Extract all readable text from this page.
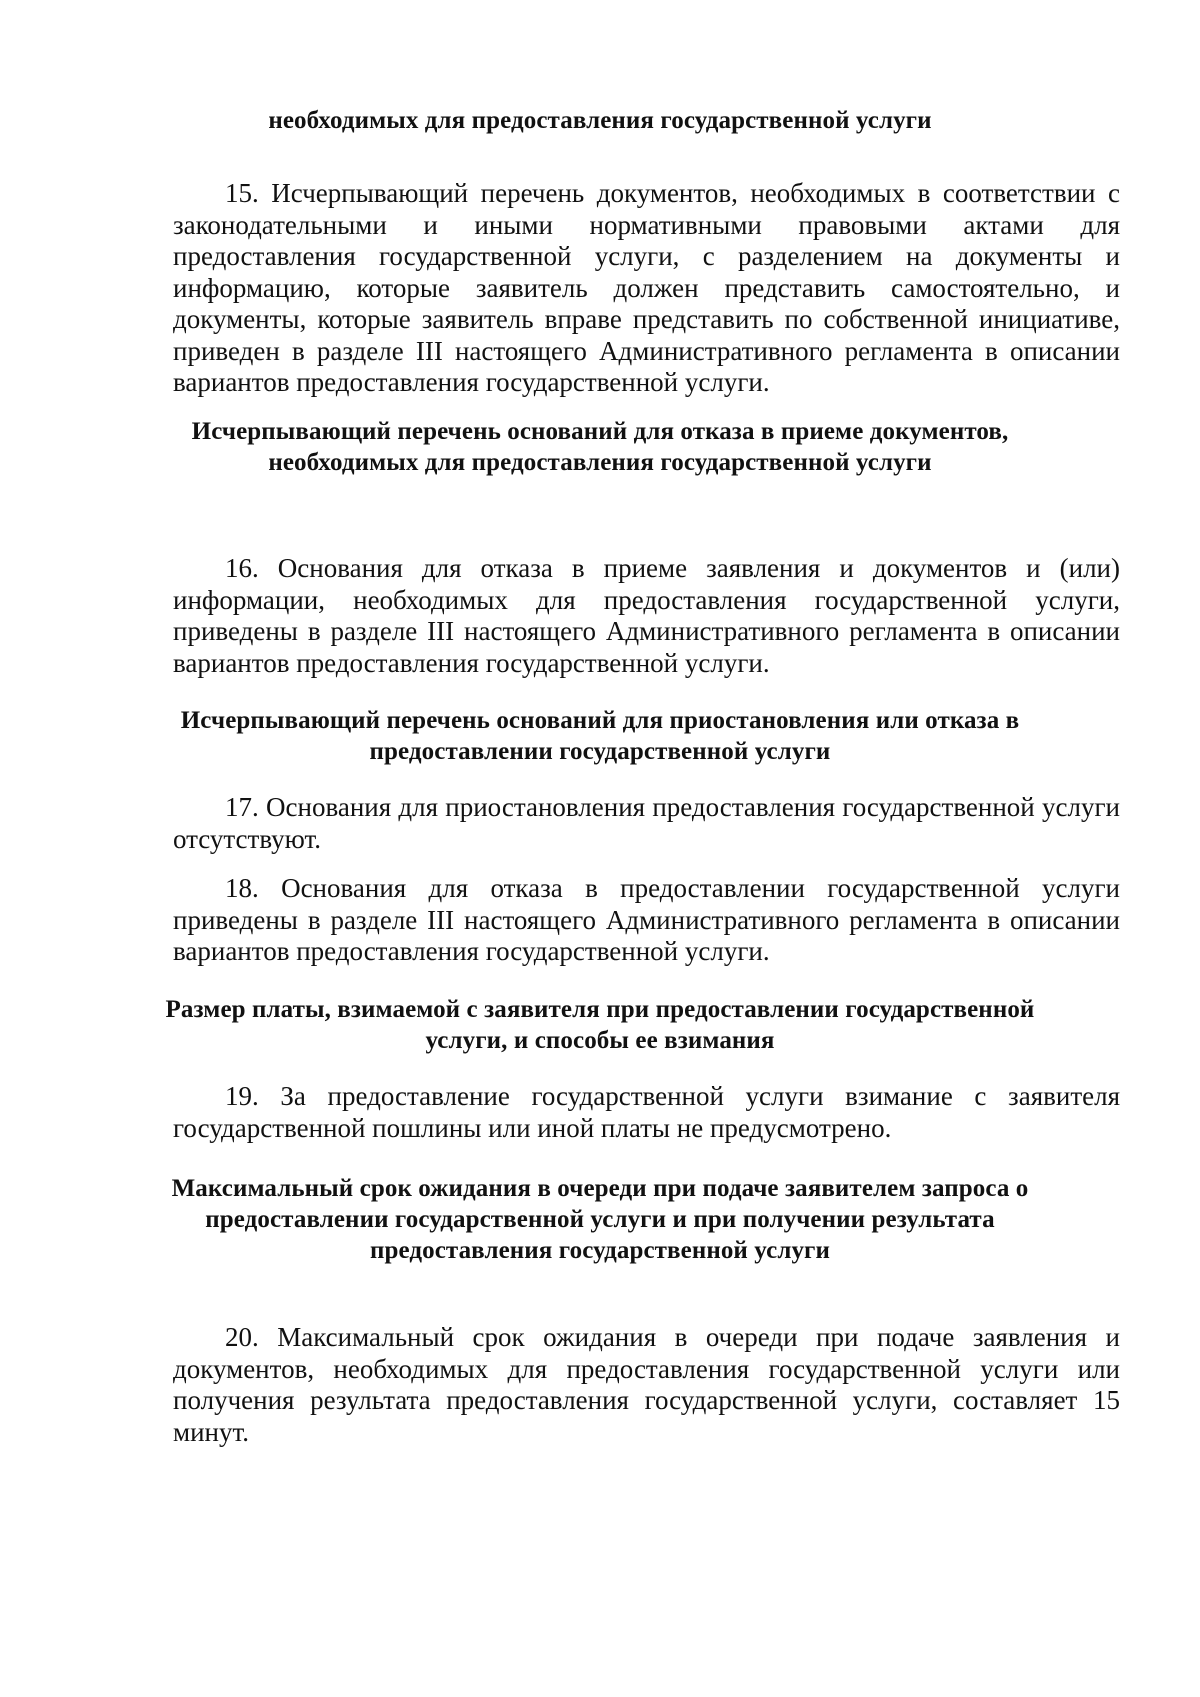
необходимых для предоставления государственной услуги

15. Исчерпывающий перечень документов, необходимых в соответствии с законодательными и иными нормативными правовыми актами для предоставления государственной услуги, с разделением на документы и информацию, которые заявитель должен представить самостоятельно, и документы, которые заявитель вправе представить по собственной инициативе, приведен в разделе III настоящего Административного регламента в описании вариантов предоставления государственной услуги.

Исчерпывающий перечень оснований для отказа в приеме документов, необходимых для предоставления государственной услуги

16. Основания для отказа в приеме заявления и документов и (или) информации, необходимых для предоставления государственной услуги, приведены в разделе III настоящего Административного регламента в описании вариантов предоставления государственной услуги.

Исчерпывающий перечень оснований для приостановления или отказа в предоставлении государственной услуги

17. Основания для приостановления предоставления государственной услуги отсутствуют.

18. Основания для отказа в предоставлении государственной услуги приведены в разделе III настоящего Административного регламента в описании вариантов предоставления государственной услуги.

Размер платы, взимаемой с заявителя при предоставлении государственной услуги, и способы ее взимания

19. За предоставление государственной услуги взимание с заявителя государственной пошлины или иной платы не предусмотрено.

Максимальный срок ожидания в очереди при подаче заявителем запроса о предоставлении государственной услуги и при получении результата предоставления государственной услуги

20. Максимальный срок ожидания в очереди при подаче заявления и документов, необходимых для предоставления государственной услуги или получения результата предоставления государственной услуги, составляет 15 минут.
